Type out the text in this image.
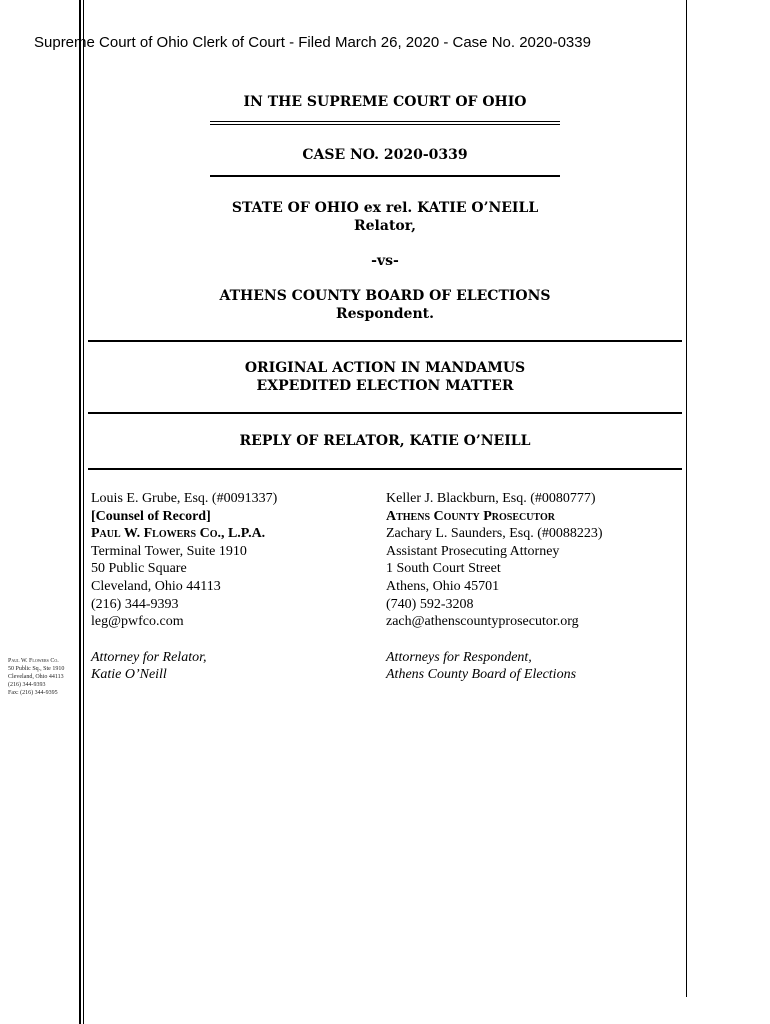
Supreme Court of Ohio Clerk of Court - Filed March 26, 2020 - Case No. 2020-0339
IN THE SUPREME COURT OF OHIO
CASE NO. 2020-0339
STATE OF OHIO ex rel. KATIE O’NEILL
Relator,
-vs-
ATHENS COUNTY BOARD OF ELECTIONS
Respondent.
ORIGINAL ACTION IN MANDAMUS
EXPEDITED ELECTION MATTER
REPLY OF RELATOR, KATIE O’NEILL
Louis E. Grube, Esq. (#0091337)
[Counsel of Record]
Paul W. Flowers Co., L.P.A.
Terminal Tower, Suite 1910
50 Public Square
Cleveland, Ohio 44113
(216) 344-9393
leg@pwfco.com
Attorney for Relator,
Katie O’Neill
Keller J. Blackburn, Esq. (#0080777)
Athens County Prosecutor
Zachary L. Saunders, Esq. (#0088223)
Assistant Prosecuting Attorney
1 South Court Street
Athens, Ohio 45701
(740) 592-3208
zach@athenscountyprosecutor.org
Attorneys for Respondent,
Athens County Board of Elections
Paul W. Flowers Co.
50 Public Sq., Ste 1910
Cleveland, Ohio 44113
(216) 344-9393
Fax: (216) 344-9395
